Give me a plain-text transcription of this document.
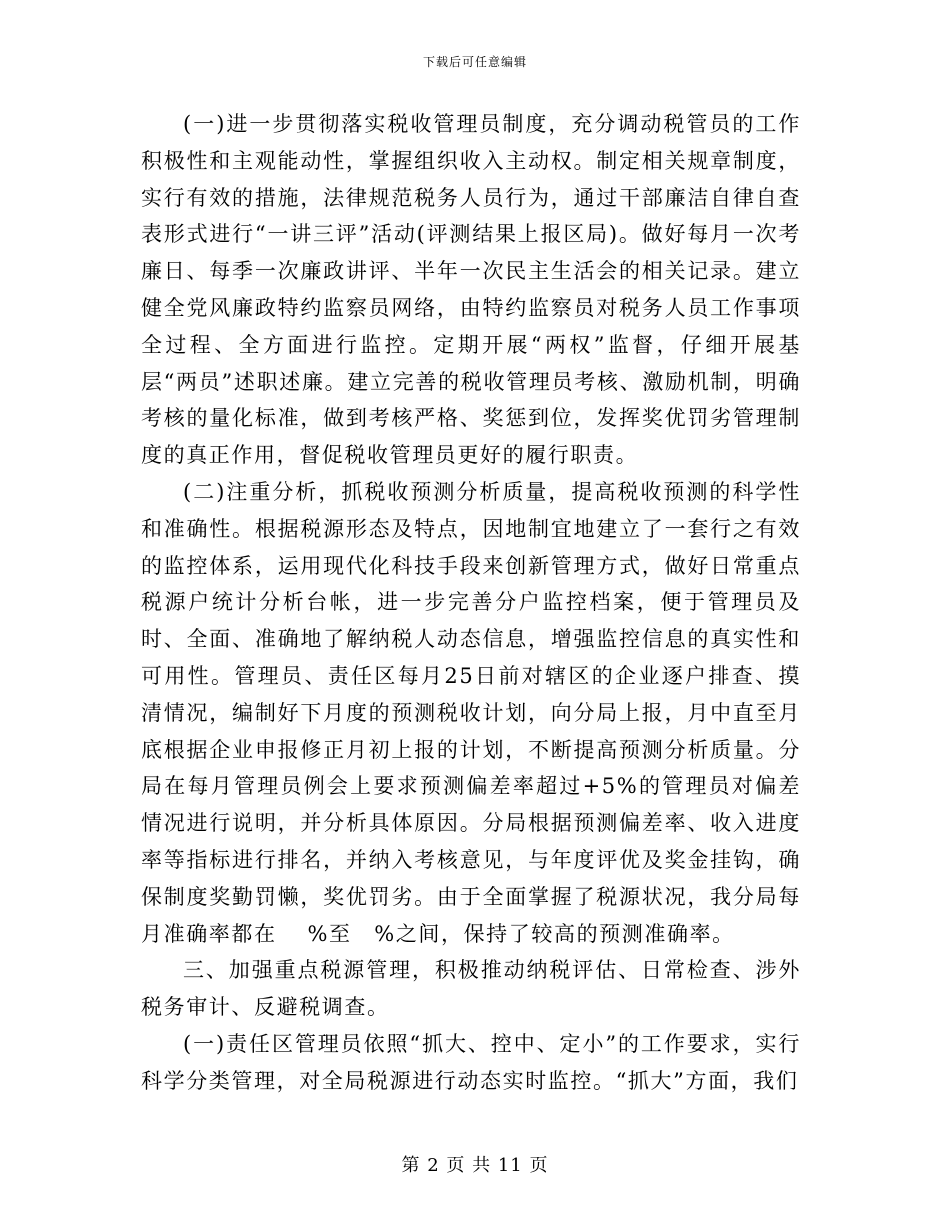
下载后可任意编辑

(一)进一步贯彻落实税收管理员制度，充分调动税管员的工作积极性和主观能动性，掌握组织收入主动权。制定相关规章制度，实行有效的措施，法律规范税务人员行为，通过干部廉洁自律自查表形式进行“一讲三评”活动(评测结果上报区局)。做好每月一次考廉日、每季一次廉政讲评、半年一次民主生活会的相关记录。建立健全党风廉政特约监察员网络，由特约监察员对税务人员工作事项全过程、全方面进行监控。定期开展“两权”监督，仔细开展基层“两员”述职述廉。建立完善的税收管理员考核、激励机制，明确考核的量化标准，做到考核严格、奖惩到位，发挥奖优罚劣管理制度的真正作用，督促税收管理员更好的履行职责。

(二)注重分析，抓税收预测分析质量，提高税收预测的科学性和准确性。根据税源形态及特点，因地制宜地建立了一套行之有效的监控体系，运用现代化科技手段来创新管理方式，做好日常重点税源户统计分析台帐，进一步完善分户监控档案，便于管理员及时、全面、准确地了解纳税人动态信息，增强监控信息的真实性和可用性。管理员、责任区每月25日前对辖区的企业逐户排查、摸清情况，编制好下月度的预测税收计划，向分局上报，月中直至月底根据企业申报修正月初上报的计划，不断提高预测分析质量。分局在每月管理员例会上要求预测偏差率超过+5%的管理员对偏差情况进行说明，并分析具体原因。分局根据预测偏差率、收入进度率等指标进行排名，并纳入考核意见，与年度评优及奖金挂钩，确保制度奖勤罚懒，奖优罚劣。由于全面掌握了税源状况，我分局每月准确率都在　 %至　%之间，保持了较高的预测准确率。

三、加强重点税源管理，积极推动纳税评估、日常检查、涉外税务审计、反避税调查。

(一)责任区管理员依照“抓大、控中、定小”的工作要求，实行科学分类管理，对全局税源进行动态实时监控。“抓大”方面，我们

第 2 页 共 11 页
